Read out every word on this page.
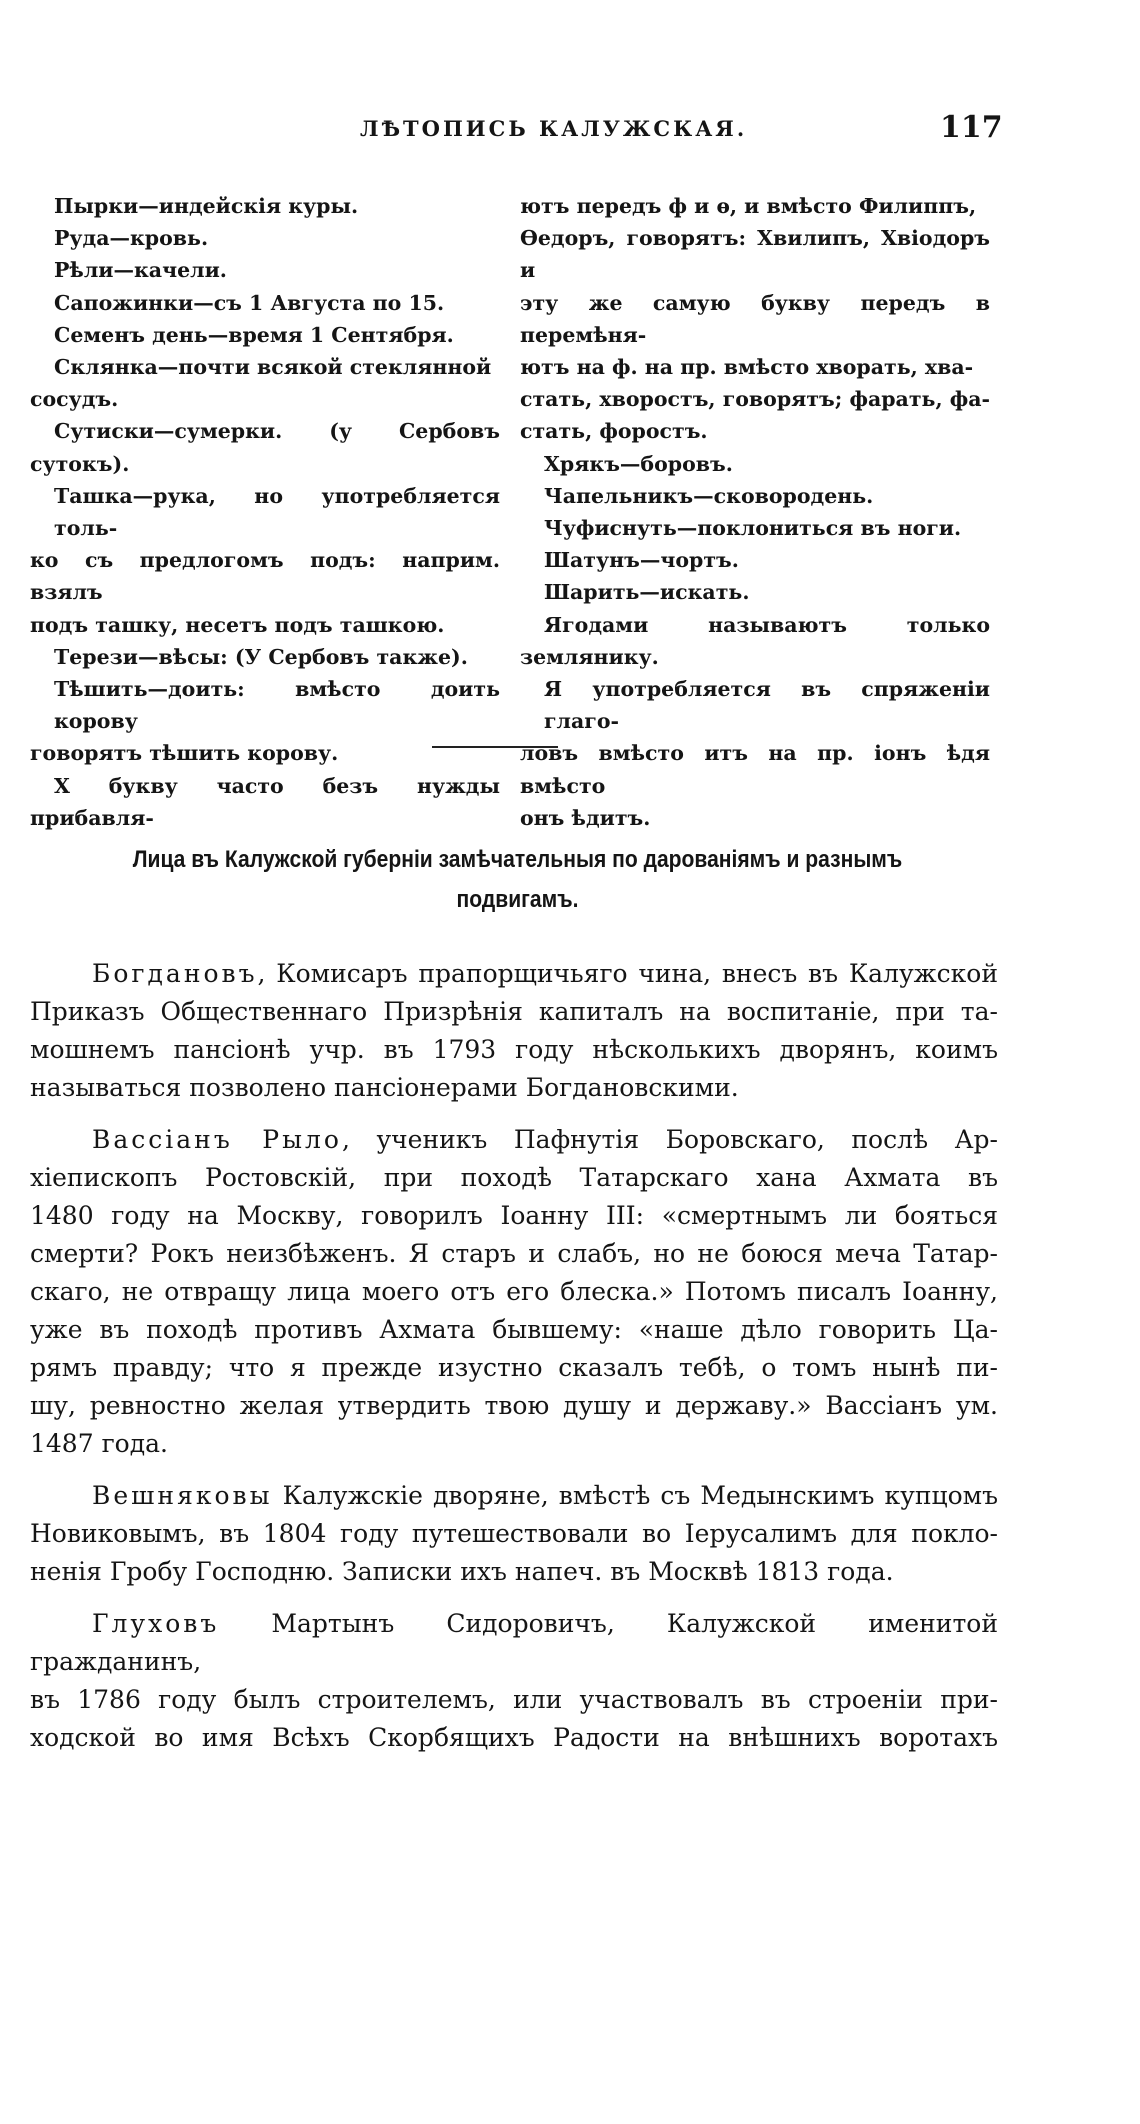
ЛѢТОПИСЬ КАЛУЖСКАЯ.	117

Пырки—индейскія куры.

Руда—кровь.

Рѣли—качели.

Сапожинки—съ 1 Августа по 15.

Семенъ день—время 1 Сентября.

Склянка—почти всякой стеклянной
сосудъ.

Сутиски—сумерки. (у Сербовъ сутокъ).

Ташка—рука, но употребляется толь-
ко съ предлогомъ подъ: наприм. взялъ
подъ ташку, несетъ подъ ташкою.

Терези—вѣсы: (У Сербовъ также).

Тѣшить—доить: вмѣсто доить корову
говорятъ тѣшить корову.

Х букву часто безъ нужды прибавля-

ютъ передъ ф и ѳ, и вмѣсто Филиппъ,
Ѳедоръ, говорятъ: Хвилипъ, Хвіодоръ и
эту же самую букву передъ в перемѣня-
ютъ на ф. на пр. вмѣсто хворать, хва-
стать, хворостъ, говорятъ; фарать, фа-
стать, форостъ.

Хрякъ—боровъ.

Чапельникъ—сковородень.

Чуфиснуть—поклониться въ ноги.

Шатунъ—чортъ.

Шарить—искать.

Ягодами называютъ только землянику.

Я употребляется въ спряженіи глаго-
ловъ вмѣсто итъ на пр. іонъ ѣдя вмѣсто
онъ ѣдитъ.

Лица въ Калужской губерніи замѣчательныя по дарованіямъ и разнымъ
подвигамъ.

Богдановъ, Комисаръ прапорщичьяго чина, внесъ въ Калужской
Приказъ Общественнаго Призрѣнія капиталъ на воспитаніе, при та-
мошнемъ пансіонѣ учр. въ 1793 году нѣсколькихъ дворянъ, коимъ
называться позволено пансіонерами Богдановскими.

Вассіанъ Рыло, ученикъ Пафнутія Боровскаго, послѣ Ар-
хіепископъ Ростовскій, при походѣ Татарскаго хана Ахмата въ
1480 году на Москву, говорилъ Іоанну III: «смертнымъ ли бояться
смерти? Рокъ неизбѣженъ. Я старъ и слабъ, но не боюся меча Татар-
скаго, не отвращу лица моего отъ его блеска.» Потомъ писалъ Іоанну,
уже въ походѣ противъ Ахмата бывшему: «наше дѣло говорить Ца-
рямъ правду; что я прежде изустно сказалъ тебѣ, о томъ нынѣ пи-
шу, ревностно желая утвердить твою душу и державу.» Вассіанъ ум.
1487 года.

Вешняковы Калужскіе дворяне, вмѣстѣ съ Медынскимъ купцомъ
Новиковымъ, въ 1804 году путешествовали во Іерусалимъ для покло-
ненія Гробу Господню. Записки ихъ напеч. въ Москвѣ 1813 года.

Глуховъ Мартынъ Сидоровичъ, Калужской именитой гражданинъ,
въ 1786 году былъ строителемъ, или участвовалъ въ строеніи при-
ходской во имя Всѣхъ Скорбящихъ Радости на внѣшнихъ воротахъ
